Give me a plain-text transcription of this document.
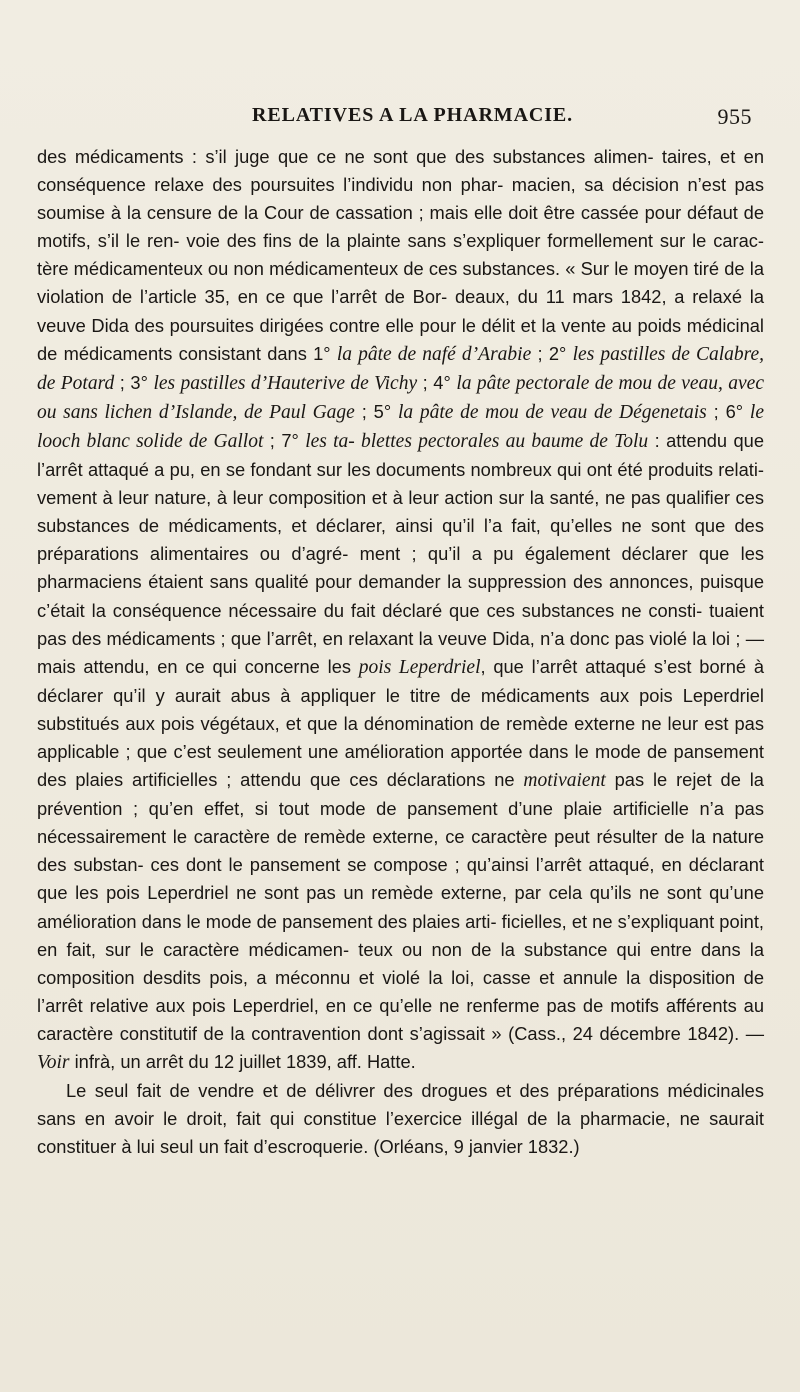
RELATIVES A LA PHARMACIE.	955

des médicaments : s’il juge que ce ne sont que des substances alimen- taires, et en conséquence relaxe des poursuites l’individu non phar- macien, sa décision n’est pas soumise à la censure de la Cour de cassation ; mais elle doit être cassée pour défaut de motifs, s’il le ren- voie des fins de la plainte sans s’expliquer formellement sur le carac- tère médicamenteux ou non médicamenteux de ces substances. « Sur le moyen tiré de la violation de l’article 35, en ce que l’arrêt de Bor- deaux, du 11 mars 1842, a relaxé la veuve Dida des poursuites dirigées contre elle pour le délit et la vente au poids médicinal de médicaments consistant dans 1° la pâte de nafé d’Arabie ; 2° les pastilles de Calabre, de Potard ; 3° les pastilles d’Hauterive de Vichy ; 4° la pâte pectorale de mou de veau, avec ou sans lichen d’Islande, de Paul Gage ; 5° la pâte de mou de veau de Dégenetais ; 6° le looch blanc solide de Gallot ; 7° les ta- blettes pectorales au baume de Tolu : attendu que l’arrêt attaqué a pu, en se fondant sur les documents nombreux qui ont été produits relati- vement à leur nature, à leur composition et à leur action sur la santé, ne pas qualifier ces substances de médicaments, et déclarer, ainsi qu’il l’a fait, qu’elles ne sont que des préparations alimentaires ou d’agré- ment ; qu’il a pu également déclarer que les pharmaciens étaient sans qualité pour demander la suppression des annonces, puisque c’était la conséquence nécessaire du fait déclaré que ces substances ne consti- tuaient pas des médicaments ; que l’arrêt, en relaxant la veuve Dida, n’a donc pas violé la loi ; — mais attendu, en ce qui concerne les pois Leperdriel, que l’arrêt attaqué s’est borné à déclarer qu’il y aurait abus à appliquer le titre de médicaments aux pois Leperdriel substitués aux pois végétaux, et que la dénomination de remède externe ne leur est pas applicable ; que c’est seulement une amélioration apportée dans le mode de pansement des plaies artificielles ; attendu que ces déclarations ne motivaient pas le rejet de la prévention ; qu’en effet, si tout mode de pansement d’une plaie artificielle n’a pas nécessairement le caractère de remède externe, ce caractère peut résulter de la nature des substan- ces dont le pansement se compose ; qu’ainsi l’arrêt attaqué, en déclarant que les pois Leperdriel ne sont pas un remède externe, par cela qu’ils ne sont qu’une amélioration dans le mode de pansement des plaies arti- ficielles, et ne s’expliquant point, en fait, sur le caractère médicamen- teux ou non de la substance qui entre dans la composition desdits pois, a méconnu et violé la loi, casse et annule la disposition de l’arrêt relative aux pois Leperdriel, en ce qu’elle ne renferme pas de motifs afférents au caractère constitutif de la contravention dont s’agissait » (Cass., 24 décembre 1842). — Voir infrà, un arrêt du 12 juillet 1839, aff. Hatte.

Le seul fait de vendre et de délivrer des drogues et des préparations médicinales sans en avoir le droit, fait qui constitue l’exercice illégal de la pharmacie, ne saurait constituer à lui seul un fait d’escroquerie. (Orléans, 9 janvier 1832.)
